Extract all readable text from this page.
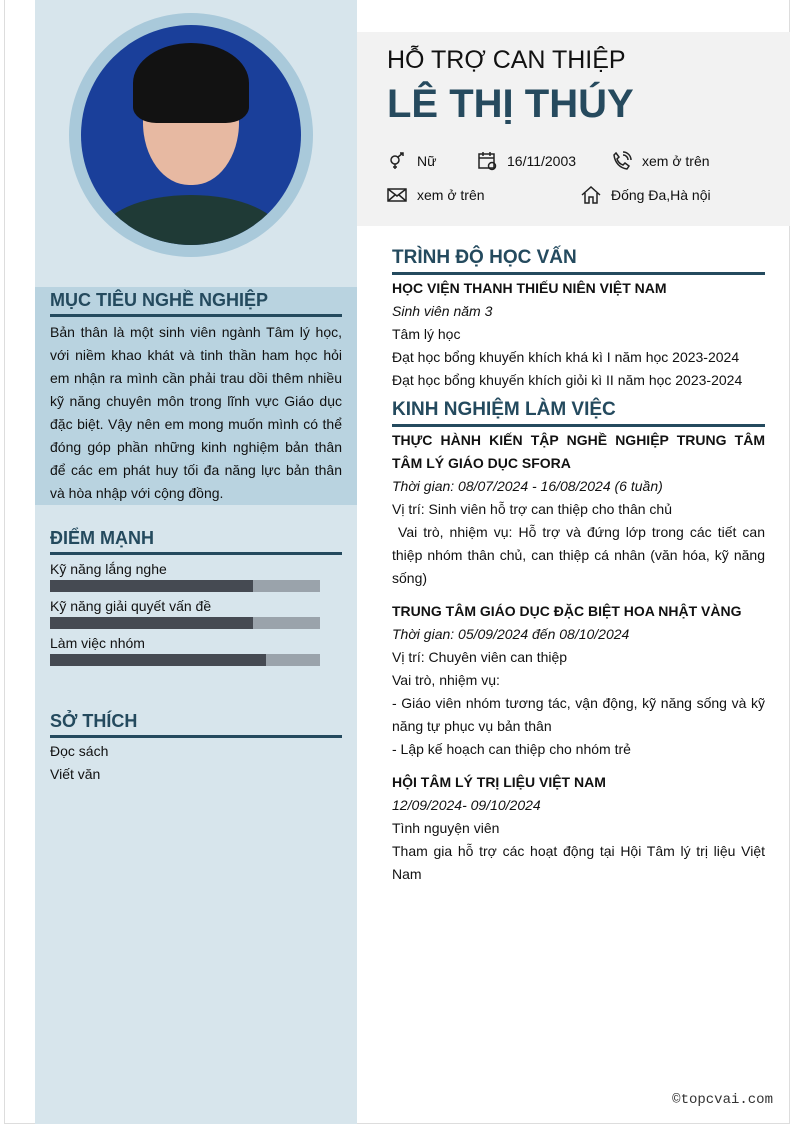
MỤC TIÊU NGHỀ NGHIỆP
Bản thân là một sinh viên ngành Tâm lý học, với niềm khao khát và tinh thần ham học hỏi em nhận ra mình cần phải trau dồi thêm nhiều kỹ năng chuyên môn trong lĩnh vực Giáo dục đặc biệt. Vậy nên em mong muốn mình có thể đóng góp phần những kinh nghiệm bản thân để các em phát huy tối đa năng lực bản thân và hòa nhập với cộng đồng.
ĐIỂM MẠNH
Kỹ năng lắng nghe
Kỹ năng giải quyết vấn đề
Làm việc nhóm
SỞ THÍCH
Đọc sách
Viết văn
HỖ TRỢ CAN THIỆP
LÊ THỊ THÚY
Nữ	16/11/2003	xem ở trên
xem ở trên	Đống Đa,Hà nội
TRÌNH ĐỘ HỌC VẤN
HỌC VIỆN THANH THIẾU NIÊN VIỆT NAM
Sinh viên năm 3
Tâm lý học
Đạt học bổng khuyến khích khá kì I năm học 2023-2024
Đạt học bổng khuyến khích giỏi kì II năm học 2023-2024
KINH NGHIỆM LÀM VIỆC
THỰC HÀNH KIẾN TẬP NGHỀ NGHIỆP TRUNG TÂM TÂM LÝ GIÁO DỤC SFORA
Thời gian: 08/07/2024 - 16/08/2024 (6 tuần)
Vị trí: Sinh viên hỗ trợ can thiệp cho thân chủ
Vai trò, nhiệm vụ: Hỗ trợ và đứng lớp trong các tiết can thiệp nhóm thân chủ, can thiệp cá nhân (văn hóa, kỹ năng sống)
TRUNG TÂM GIÁO DỤC ĐẶC BIỆT HOA NHẬT VÀNG
Thời gian: 05/09/2024 đến 08/10/2024
Vị trí: Chuyên viên can thiệp
Vai trò, nhiệm vụ:
- Giáo viên nhóm tương tác, vận động, kỹ năng sống và kỹ năng tự phục vụ bản thân
- Lập kế hoạch can thiệp cho nhóm trẻ
HỘI TÂM LÝ TRỊ LIỆU VIỆT NAM
12/09/2024- 09/10/2024
Tình nguyện viên
Tham gia hỗ trợ các hoạt động tại Hội Tâm lý trị liệu Việt Nam
©topcvai.com
